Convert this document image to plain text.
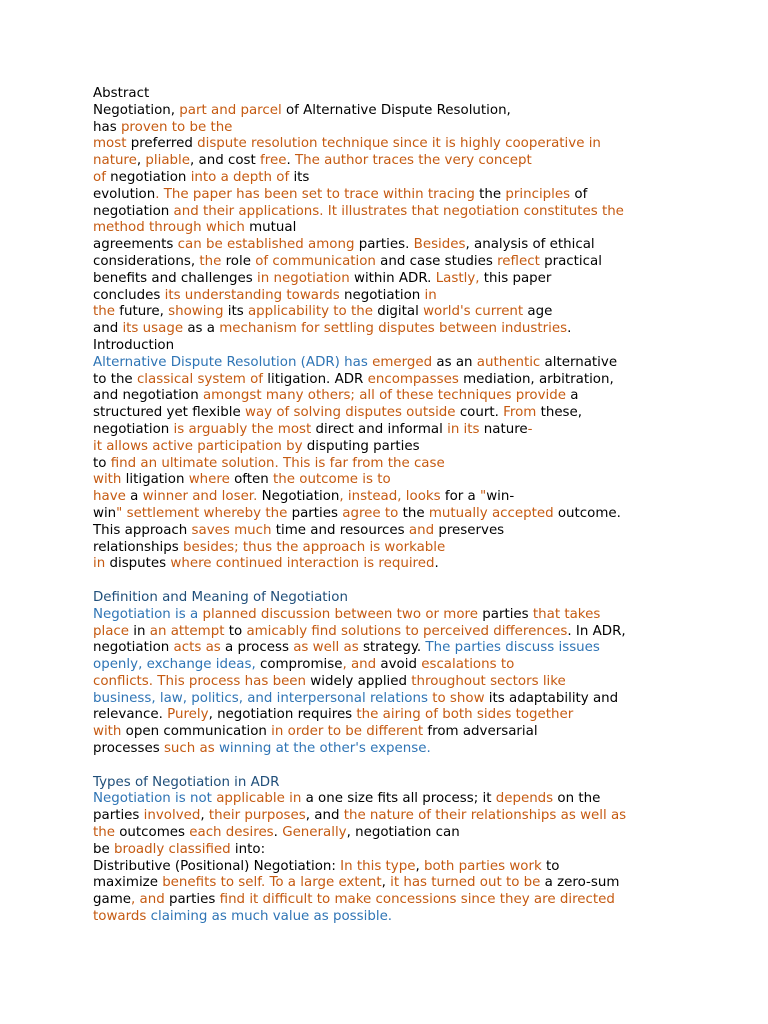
Abstract
Negotiation, part and parcel of Alternative Dispute Resolution,
has proven to be the
most preferred dispute resolution technique since it is highly cooperative in
nature, pliable, and cost free. The author traces the very concept
of negotiation into a depth of its
evolution. The paper has been set to trace within tracing the principles of
negotiation and their applications. It illustrates that negotiation constitutes the
method through which mutual
agreements can be established among parties. Besides, analysis of ethical
considerations, the role of communication and case studies reflect practical
benefits and challenges in negotiation within ADR. Lastly, this paper
concludes its understanding towards negotiation in
the future, showing its applicability to the digital world's current age
and its usage as a mechanism for settling disputes between industries.
Introduction
Alternative Dispute Resolution (ADR) has emerged as an authentic alternative
to the classical system of litigation. ADR encompasses mediation, arbitration,
and negotiation amongst many others; all of these techniques provide a
structured yet flexible way of solving disputes outside court. From these,
negotiation is arguably the most direct and informal in its nature-
it allows active participation by disputing parties
to find an ultimate solution. This is far from the case
with litigation where often the outcome is to
have a winner and loser. Negotiation, instead, looks for a "win-
win" settlement whereby the parties agree to the mutually accepted outcome.
This approach saves much time and resources and preserves
relationships besides; thus the approach is workable
in disputes where continued interaction is required.
Definition and Meaning of Negotiation
Negotiation is a planned discussion between two or more parties that takes
place in an attempt to amicably find solutions to perceived differences. In ADR,
negotiation acts as a process as well as strategy. The parties discuss issues
openly, exchange ideas, compromise, and avoid escalations to
conflicts. This process has been widely applied throughout sectors like
business, law, politics, and interpersonal relations to show its adaptability and
relevance. Purely, negotiation requires the airing of both sides together
with open communication in order to be different from adversarial
processes such as winning at the other's expense.
Types of Negotiation in ADR
Negotiation is not applicable in a one size fits all process; it depends on the
parties involved, their purposes, and the nature of their relationships as well as
the outcomes each desires. Generally, negotiation can
be broadly classified into:
Distributive (Positional) Negotiation: In this type, both parties work to
maximize benefits to self. To a large extent, it has turned out to be a zero-sum
game, and parties find it difficult to make concessions since they are directed
towards claiming as much value as possible.
